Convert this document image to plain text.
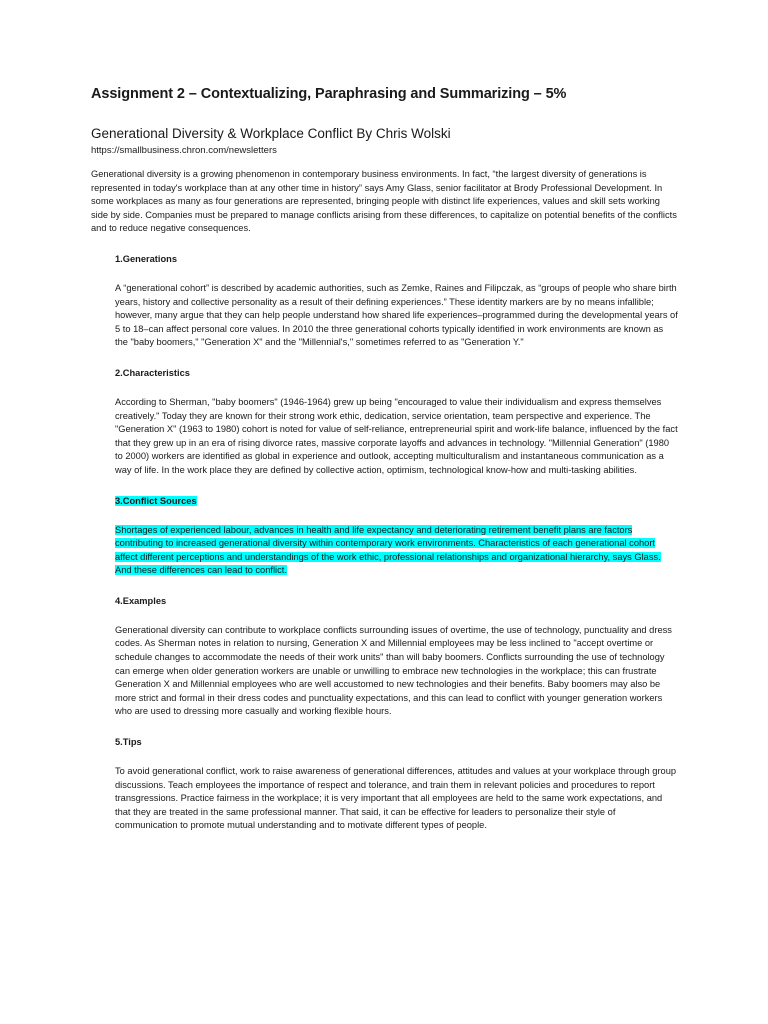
Assignment 2 – Contextualizing, Paraphrasing and Summarizing – 5%
Generational Diversity & Workplace Conflict By Chris Wolski

https://smallbusiness.chron.com/newsletters

Generational diversity is a growing phenomenon in contemporary business environments. In fact, “the largest diversity of generations is represented in today's workplace than at any other time in history” says Amy Glass, senior facilitator at Brody Professional Development. In some workplaces as many as four generations are represented, bringing people with distinct life experiences, values and skill sets working side by side. Companies must be prepared to manage conflicts arising from these differences, to capitalize on potential benefits of the conflicts and to reduce negative consequences.

1.Generations

A “generational cohort” is described by academic authorities, such as Zemke, Raines and Filipczak, as “groups of people who share birth years, history and collective personality as a result of their defining experiences.” These identity markers are by no means infallible; however, many argue that they can help people understand how shared life experiences–programmed during the developmental years of 5 to 18–can affect personal core values. In 2010 the three generational cohorts typically identified in work environments are known as the "baby boomers," "Generation X" and the "Millennial's," sometimes referred to as "Generation Y."

2.Characteristics

According to Sherman, "baby boomers" (1946-1964) grew up being "encouraged to value their individualism and express themselves creatively." Today they are known for their strong work ethic, dedication, service orientation, team perspective and experience. The "Generation X" (1963 to 1980) cohort is noted for value of self-reliance, entrepreneurial spirit and work-life balance, influenced by the fact that they grew up in an era of rising divorce rates, massive corporate layoffs and advances in technology. "Millennial Generation" (1980 to 2000) workers are identified as global in experience and outlook, accepting multiculturalism and instantaneous communication as a way of life. In the work place they are defined by collective action, optimism, technological know-how and multi-tasking abilities.

3.Conflict Sources

Shortages of experienced labour, advances in health and life expectancy and deteriorating retirement benefit plans are factors contributing to increased generational diversity within contemporary work environments. Characteristics of each generational cohort affect different perceptions and understandings of the work ethic, professional relationships and organizational hierarchy, says Glass. And these differences can lead to conflict.

4.Examples

Generational diversity can contribute to workplace conflicts surrounding issues of overtime, the use of technology, punctuality and dress codes. As Sherman notes in relation to nursing, Generation X and Millennial employees may be less inclined to "accept overtime or schedule changes to accommodate the needs of their work units" than will baby boomers. Conflicts surrounding the use of technology can emerge when older generation workers are unable or unwilling to embrace new technologies in the workplace; this can frustrate Generation X and Millennial employees who are well accustomed to new technologies and their benefits. Baby boomers may also be more strict and formal in their dress codes and punctuality expectations, and this can lead to conflict with younger generation workers who are used to dressing more casually and working flexible hours.

5.Tips

To avoid generational conflict, work to raise awareness of generational differences, attitudes and values at your workplace through group discussions. Teach employees the importance of respect and tolerance, and train them in relevant policies and procedures to report transgressions. Practice fairness in the workplace; it is very important that all employees are held to the same work expectations, and that they are treated in the same professional manner. That said, it can be effective for leaders to personalize their style of communication to promote mutual understanding and to motivate different types of people.
